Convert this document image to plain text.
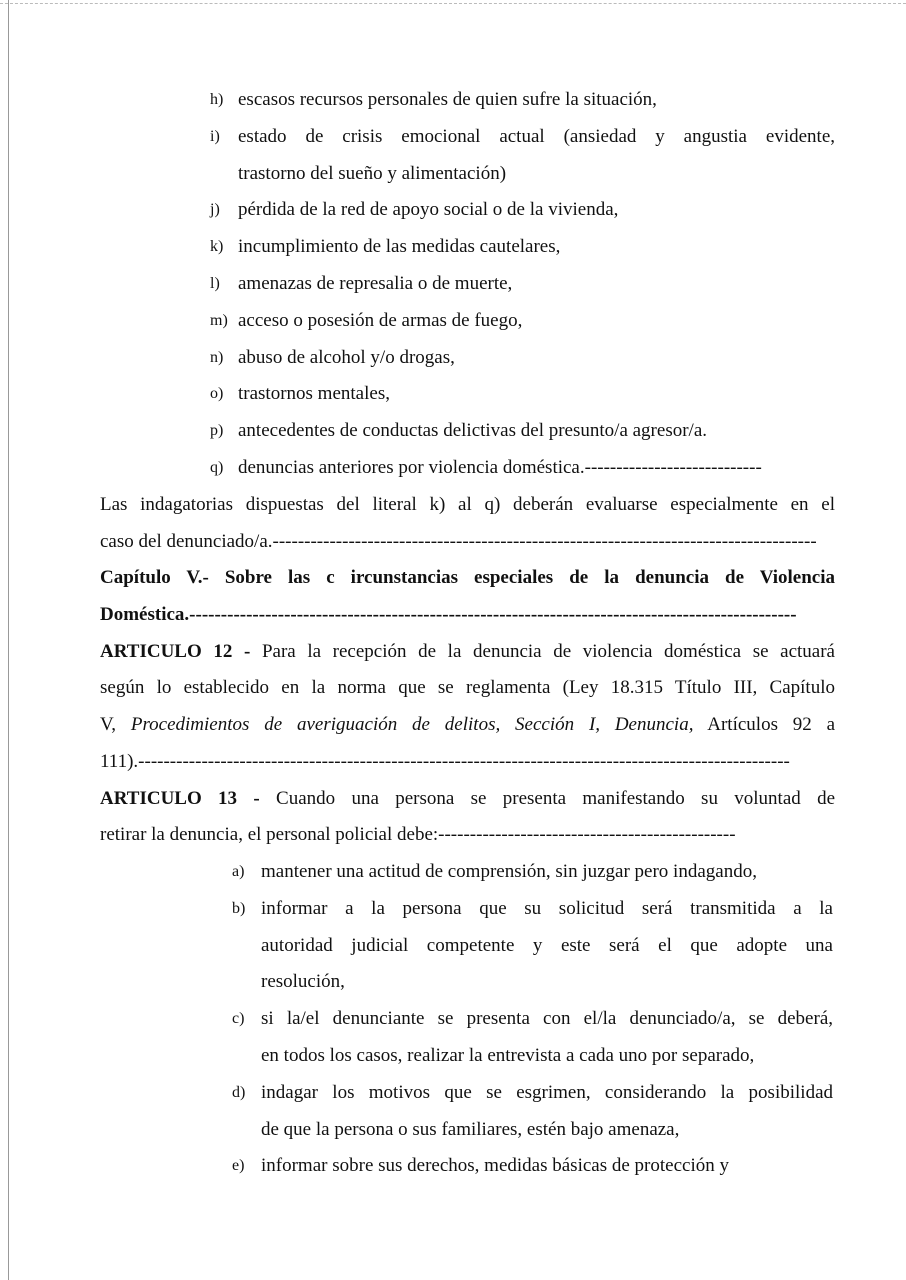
h) escasos recursos personales de quien sufre la situación,
i) estado de crisis emocional actual (ansiedad y angustia evidente,
trastorno del sueño y alimentación)
j) pérdida de la red de apoyo social o de la vivienda,
k) incumplimiento de las medidas cautelares,
l) amenazas de represalia o de muerte,
m) acceso o posesión de armas de fuego,
n) abuso de alcohol y/o drogas,
o) trastornos mentales,
p) antecedentes de conductas delictivas del presunto/a agresor/a.
q) denuncias anteriores por violencia doméstica.----------------------------
Las indagatorias dispuestas del literal k) al q) deberán evaluarse especialmente en el
caso del denunciado/a.--------------------------------------------------------------------------------------
Capítulo V.- Sobre las c ircunstancias especiales de la denuncia de Violencia
Doméstica.------------------------------------------------------------------------------------------------
ARTICULO 12 - Para la recepción de la denuncia de violencia doméstica se actuará
según lo establecido en la norma que se reglamenta (Ley 18.315 Título III, Capítulo
V, Procedimientos de averiguación de delitos, Sección I, Denuncia, Artículos 92 a
111).-------------------------------------------------------------------------------------------------------
ARTICULO 13 - Cuando una persona se presenta manifestando su voluntad de
retirar la denuncia, el personal policial debe:-----------------------------------------------
a) mantener una actitud de comprensión, sin juzgar pero indagando,
b) informar a la persona que su solicitud será transmitida a la
autoridad judicial competente y este será el que adopte una
resolución,
c) si la/el denunciante se presenta con el/la denunciado/a, se deberá,
en todos los casos, realizar la entrevista a cada uno por separado,
d) indagar los motivos que se esgrimen, considerando la posibilidad
de que la persona o sus familiares, estén bajo amenaza,
e) informar sobre sus derechos, medidas básicas de protección y
